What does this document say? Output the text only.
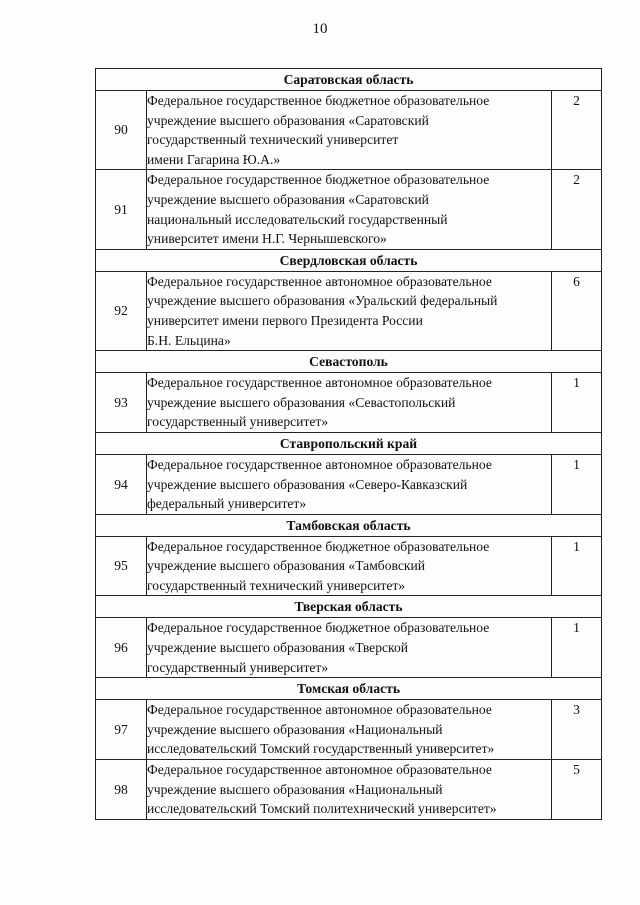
10
Саратовская область		
90	Федеральное государственное бюджетное образовательное
учреждение высшего образования «Саратовский
государственный технический университет
имени Гагарина Ю.А.»	2
91	Федеральное государственное бюджетное образовательное
учреждение высшего образования «Саратовский
национальный исследовательский государственный
университет имени Н.Г. Чернышевского»	2
Свердловская область		
92	Федеральное государственное автономное образовательное
учреждение высшего образования «Уральский федеральный
университет имени первого Президента России
Б.Н. Ельцина»	6
Севастополь		
93	Федеральное государственное автономное образовательное
учреждение высшего образования «Севастопольский
государственный университет»	1
Ставропольский край		
94	Федеральное государственное автономное образовательное
учреждение высшего образования «Северо-Кавказский
федеральный университет»	1
Тамбовская область		
95	Федеральное государственное бюджетное образовательное
учреждение высшего образования «Тамбовский
государственный технический университет»	1
Тверская область		
96	Федеральное государственное бюджетное образовательное
учреждение высшего образования «Тверской
государственный университет»	1
Томская область		
97	Федеральное государственное автономное образовательное
учреждение высшего образования «Национальный
исследовательский Томский государственный университет»	3
98	Федеральное государственное автономное образовательное
учреждение высшего образования «Национальный
исследовательский Томский политехнический университет»	5
